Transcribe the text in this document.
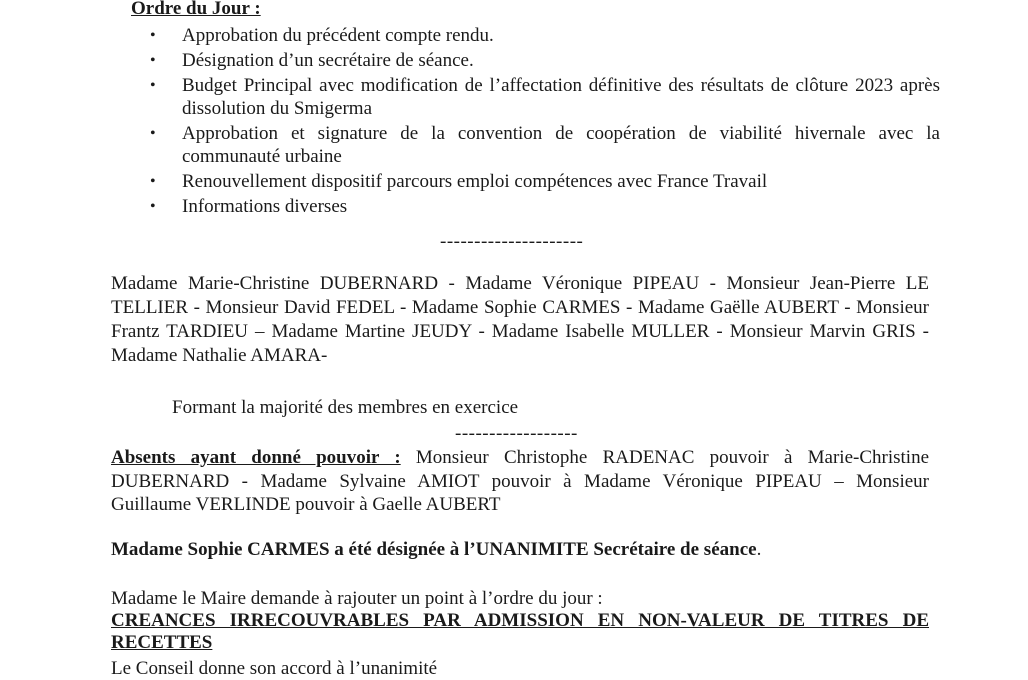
Ordre du Jour :
• Approbation du précédent compte rendu.
• Désignation d’un secrétaire de séance.
• Budget Principal avec modification de l’affectation définitive des résultats de clôture 2023 après dissolution du Smigerma
• Approbation et signature de la convention de coopération de viabilité hivernale avec la communauté urbaine
• Renouvellement dispositif parcours emploi compétences avec France Travail
• Informations diverses
---------------------
Madame Marie-Christine DUBERNARD - Madame Véronique PIPEAU - Monsieur Jean-Pierre LE TELLIER - Monsieur David FEDEL - Madame Sophie CARMES - Madame Gaëlle AUBERT - Monsieur Frantz TARDIEU – Madame Martine JEUDY - Madame Isabelle MULLER - Monsieur Marvin GRIS - Madame Nathalie AMARA-
Formant la majorité des membres en exercice
------------------
Absents ayant donné pouvoir : Monsieur Christophe RADENAC pouvoir à Marie-Christine DUBERNARD - Madame Sylvaine AMIOT pouvoir à Madame Véronique PIPEAU – Monsieur Guillaume VERLINDE pouvoir à Gaelle AUBERT
Madame Sophie CARMES a été désignée à l’UNANIMITE Secrétaire de séance.
Madame le Maire demande à rajouter un point à l’ordre du jour :
CREANCES IRRECOUVRABLES PAR ADMISSION EN NON-VALEUR DE TITRES DE RECETTES
Le Conseil donne son accord à l’unanimité
